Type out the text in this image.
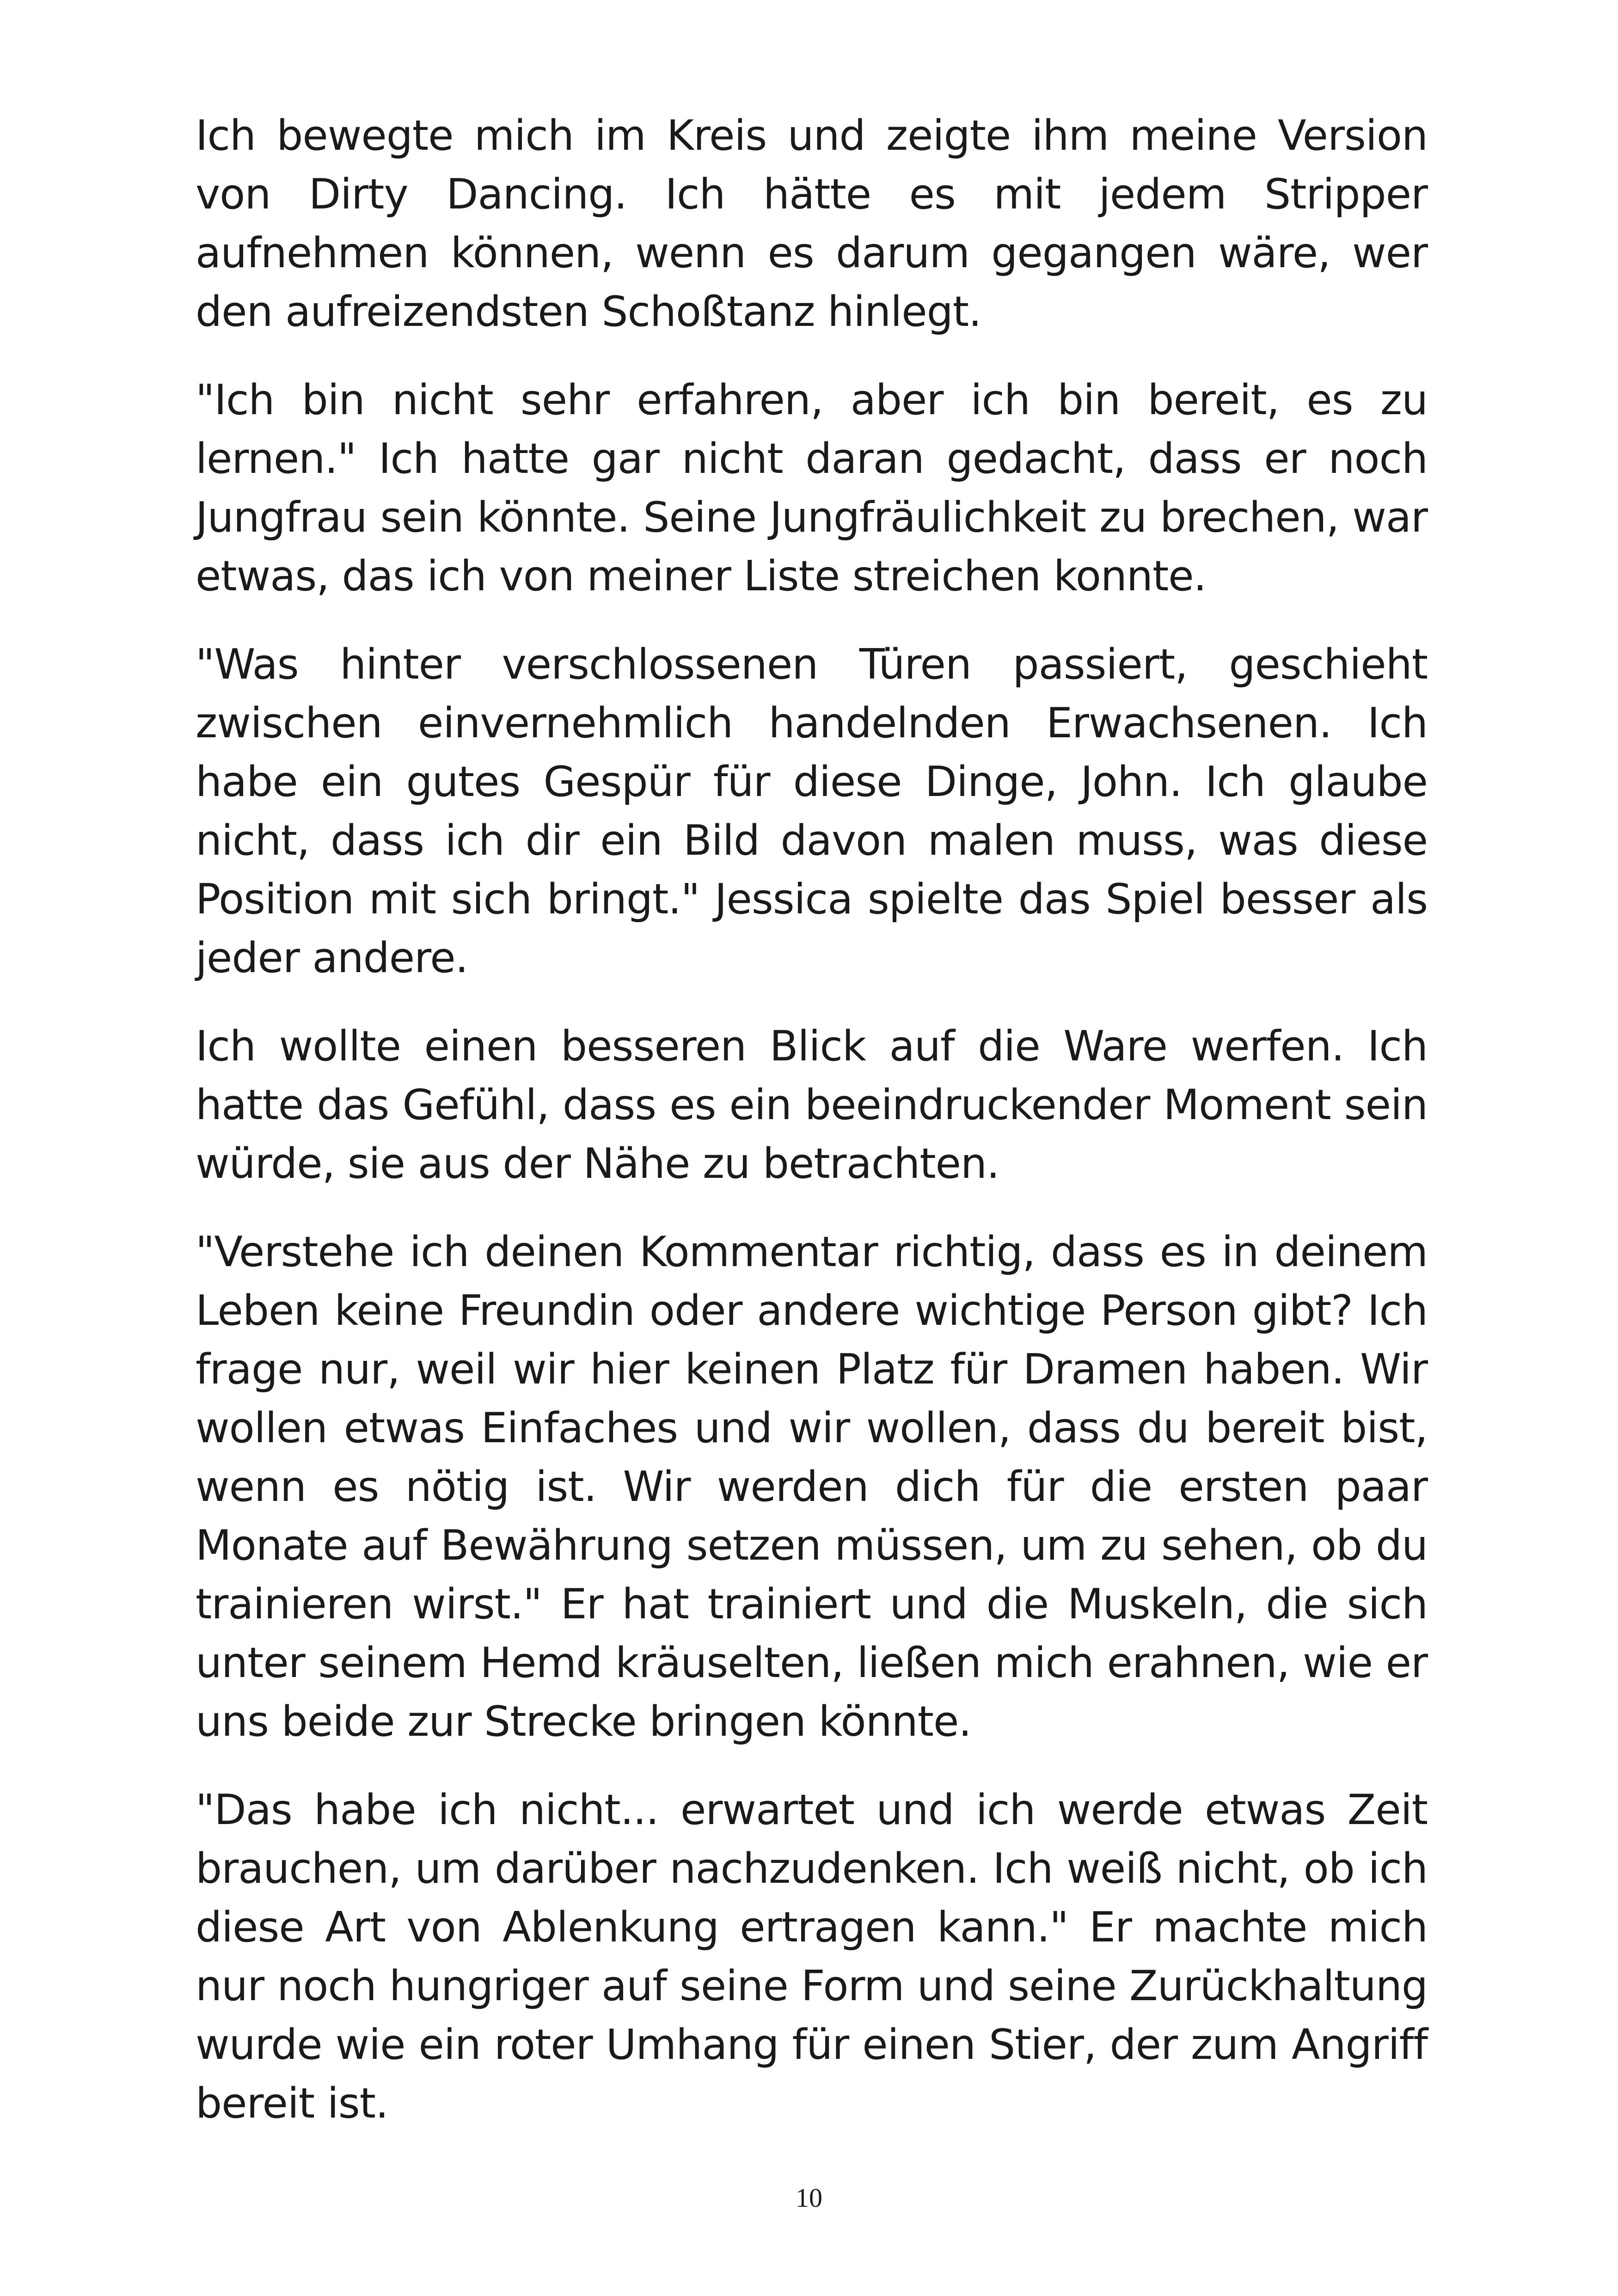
Ich bewegte mich im Kreis und zeigte ihm meine Version von Dirty Dancing. Ich hätte es mit jedem Stripper aufnehmen können, wenn es darum gegangen wäre, wer den aufreizendsten Schoßtanz hinlegt.

"Ich bin nicht sehr erfahren, aber ich bin bereit, es zu lernen." Ich hatte gar nicht daran gedacht, dass er noch Jungfrau sein könnte. Seine Jungfräulichkeit zu brechen, war etwas, das ich von meiner Liste streichen konnte.

"Was hinter verschlossenen Türen passiert, geschieht zwischen einvernehmlich handelnden Erwachsenen. Ich habe ein gutes Gespür für diese Dinge, John. Ich glaube nicht, dass ich dir ein Bild davon malen muss, was diese Position mit sich bringt." Jessica spielte das Spiel besser als jeder andere.

Ich wollte einen besseren Blick auf die Ware werfen. Ich hatte das Gefühl, dass es ein beeindruckender Moment sein würde, sie aus der Nähe zu betrachten.

"Verstehe ich deinen Kommentar richtig, dass es in deinem Leben keine Freundin oder andere wichtige Person gibt? Ich frage nur, weil wir hier keinen Platz für Dramen haben. Wir wollen etwas Einfaches und wir wollen, dass du bereit bist, wenn es nötig ist. Wir werden dich für die ersten paar Monate auf Bewährung setzen müssen, um zu sehen, ob du trainieren wirst." Er hat trainiert und die Muskeln, die sich unter seinem Hemd kräuselten, ließen mich erahnen, wie er uns beide zur Strecke bringen könnte.

"Das habe ich nicht... erwartet und ich werde etwas Zeit brauchen, um darüber nachzudenken. Ich weiß nicht, ob ich diese Art von Ablenkung ertragen kann." Er machte mich nur noch hungriger auf seine Form und seine Zurückhaltung wurde wie ein roter Umhang für einen Stier, der zum Angriff bereit ist.

10
